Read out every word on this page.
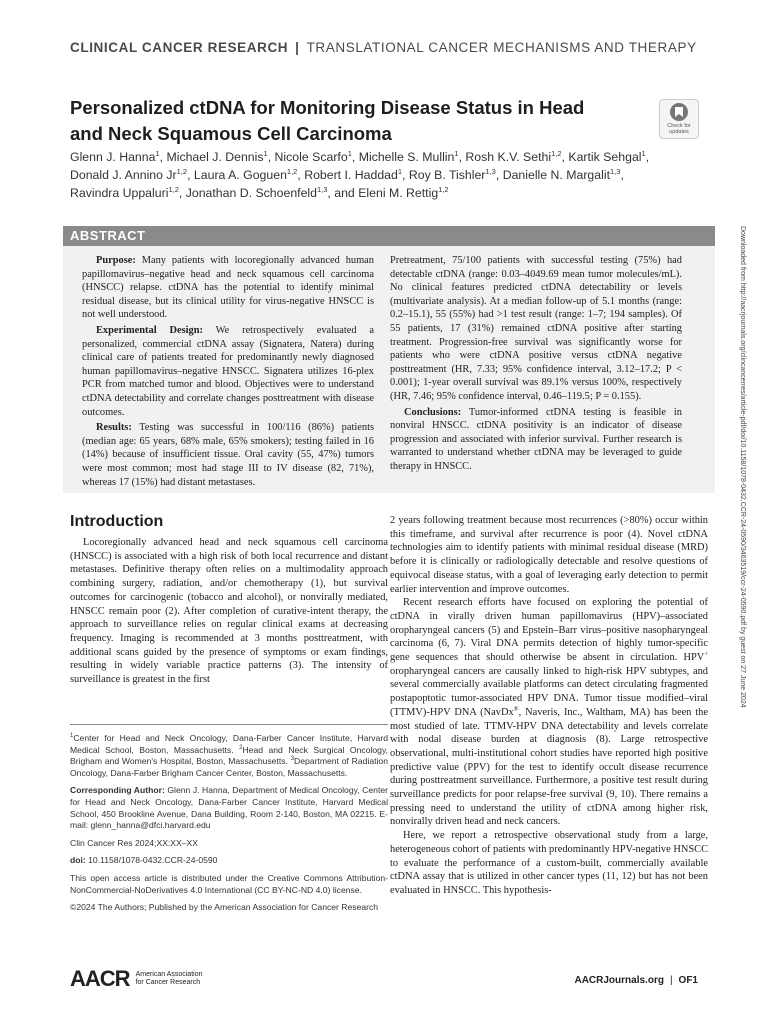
CLINICAL CANCER RESEARCH | TRANSLATIONAL CANCER MECHANISMS AND THERAPY
Personalized ctDNA for Monitoring Disease Status in Head
and Neck Squamous Cell Carcinoma	Check for
updates

Glenn J. Hanna$^1$, Michael J. Dennis$^1$, Nicole Scarfo$^1$, Michelle S. Mullin$^1$, Rosh K.V. Sethi$^{1,2}$, Kartik Sehgal$^1$, Donald J. Annino Jr$^{1,2}$, Laura A. Goguen$^{1,2}$, Robert I. Haddad$^1$, Roy B. Tishler$^{1,3}$, Danielle N. Margalit$^{1,3}$, Ravindra Uppaluri$^{1,2}$, Jonathan D. Schoenfeld$^{1,3}$, and Eleni M. Rettig$^{1,2}$

ABSTRACT

Purpose: Many patients with locoregionally advanced human papillomavirus–negative head and neck squamous cell carcinoma (HNSCC) relapse. ctDNA has the potential to identify minimal residual disease, but its clinical utility for virus-negative HNSCC is not well understood.

Experimental Design: We retrospectively evaluated a personalized, commercial ctDNA assay (Signatera, Natera) during clinical care of patients treated for predominantly newly diagnosed human papillomavirus–negative HNSCC. Signatera utilizes 16-plex PCR from matched tumor and blood. Objectives were to understand ctDNA detectability and correlate changes posttreatment with disease outcomes.

Results: Testing was successful in 100/116 (86%) patients (median age: 65 years, 68% male, 65% smokers); testing failed in 16 (14%) because of insufficient tissue. Oral cavity (55, 47%) tumors were most common; most had stage III to IV disease (82, 71%), whereas 17 (15%) had distant metastases.

Pretreatment, 75/100 patients with successful testing (75%) had detectable ctDNA (range: 0.03–4049.69 mean tumor molecules/mL). No clinical features predicted ctDNA detectability or levels (multivariate analysis). At a median follow-up of 5.1 months (range: 0.2–15.1), 55 (55%) had >1 test result (range: 1–7; 194 samples). Of 55 patients, 17 (31%) remained ctDNA positive after starting treatment. Progression-free survival was significantly worse for patients who were ctDNA positive versus ctDNA negative posttreatment (HR, 7.33; 95% confidence interval, 3.12–17.2; P < 0.001); 1-year overall survival was 89.1% versus 100%, respectively (HR, 7.46; 95% confidence interval, 0.46–119.5; P = 0.155).

Conclusions: Tumor-informed ctDNA testing is feasible in nonviral HNSCC. ctDNA positivity is an indicator of disease progression and associated with inferior survival. Further research is warranted to understand whether ctDNA may be leveraged to guide therapy in HNSCC.

Introduction

Locoregionally advanced head and neck squamous cell carcinoma (HNSCC) is associated with a high risk of both local recurrence and distant metastases. Definitive therapy often relies on a multimodality approach combining surgery, radiation, and/or chemotherapy (1), but survival outcomes for carcinogenic (tobacco and alcohol), or nonvirally mediated, HNSCC remain poor (2). After completion of curative-intent therapy, the approach to surveillance relies on regular clinical exams at decreasing frequency. Imaging is recommended at 3 months posttreatment, with additional scans guided by the presence of symptoms or exam findings, resulting in widely variable practice patterns (3). The intensity of surveillance is greatest in the first

2 years following treatment because most recurrences (>80%) occur within this timeframe, and survival after recurrence is poor (4). Novel ctDNA technologies aim to identify patients with minimal residual disease (MRD) before it is clinically or radiologically detectable and resolve questions of equivocal disease status, with a goal of leveraging early detection to permit earlier intervention and improve outcomes.

Recent research efforts have focused on exploring the potential of ctDNA in virally driven human papillomavirus (HPV)–associated oropharyngeal cancers (5) and Epstein–Barr virus–positive nasopharyngeal carcinoma (6, 7). Viral DNA permits detection of highly tumor-specific gene sequences that should otherwise be absent in circulation. HPV+ oropharyngeal cancers are causally linked to high-risk HPV subtypes, and several commercially available platforms can detect circulating fragmented postapoptotic tumor-associated HPV DNA. Tumor tissue modified–viral (TTMV)-HPV DNA (NavDx®, Naveris, Inc., Waltham, MA) has been the most studied of late. TTMV-HPV DNA detectability and levels correlate with nodal disease burden at diagnosis (8). Large retrospective observational, multi-institutional cohort studies have reported high positive predictive value (PPV) for the test to identify occult disease recurrence during posttreatment surveillance. Furthermore, a positive test result during surveillance predicts for poor relapse-free survival (9, 10). There remains a pressing need to understand the utility of ctDNA among higher risk, nonvirally driven head and neck cancers.

Here, we report a retrospective observational study from a large, heterogeneous cohort of patients with predominantly HPV-negative HNSCC to evaluate the performance of a custom-built, commercially available ctDNA assay that is utilized in other cancer types (11, 12) but has not been evaluated in HNSCC. This hypothesis-

$^1$Center for Head and Neck Oncology, Dana-Farber Cancer Institute, Harvard Medical School, Boston, Massachusetts. $^2$Head and Neck Surgical Oncology, Brigham and Women's Hospital, Boston, Massachusetts. $^3$Department of Radiation Oncology, Dana-Farber Brigham Cancer Center, Boston, Massachusetts.

Corresponding Author: Glenn J. Hanna, Department of Medical Oncology, Center for Head and Neck Oncology, Dana-Farber Cancer Institute, Harvard Medical School, 450 Brookline Avenue, Dana Building, Room 2-140, Boston, MA 02215. E-mail: glenn_hanna@dfci.harvard.edu

Clin Cancer Res 2024;XX:XX–XX

doi: 10.1158/1078-0432.CCR-24-0590

This open access article is distributed under the Creative Commons Attribution-NonCommercial-NoDerivatives 4.0 International (CC BY-NC-ND 4.0) license.

©2024 The Authors; Published by the American Association for Cancer Research

Downloaded from http://aacrjournals.org/clincancerres/article-pdf/doi/10.1158/1078-0432.CCR-24-0590/3463519/ccr-24-0590.pdf by guest on 27 June 2024
AACR American Association
for Cancer Research	AACRJournals.org | OF1
